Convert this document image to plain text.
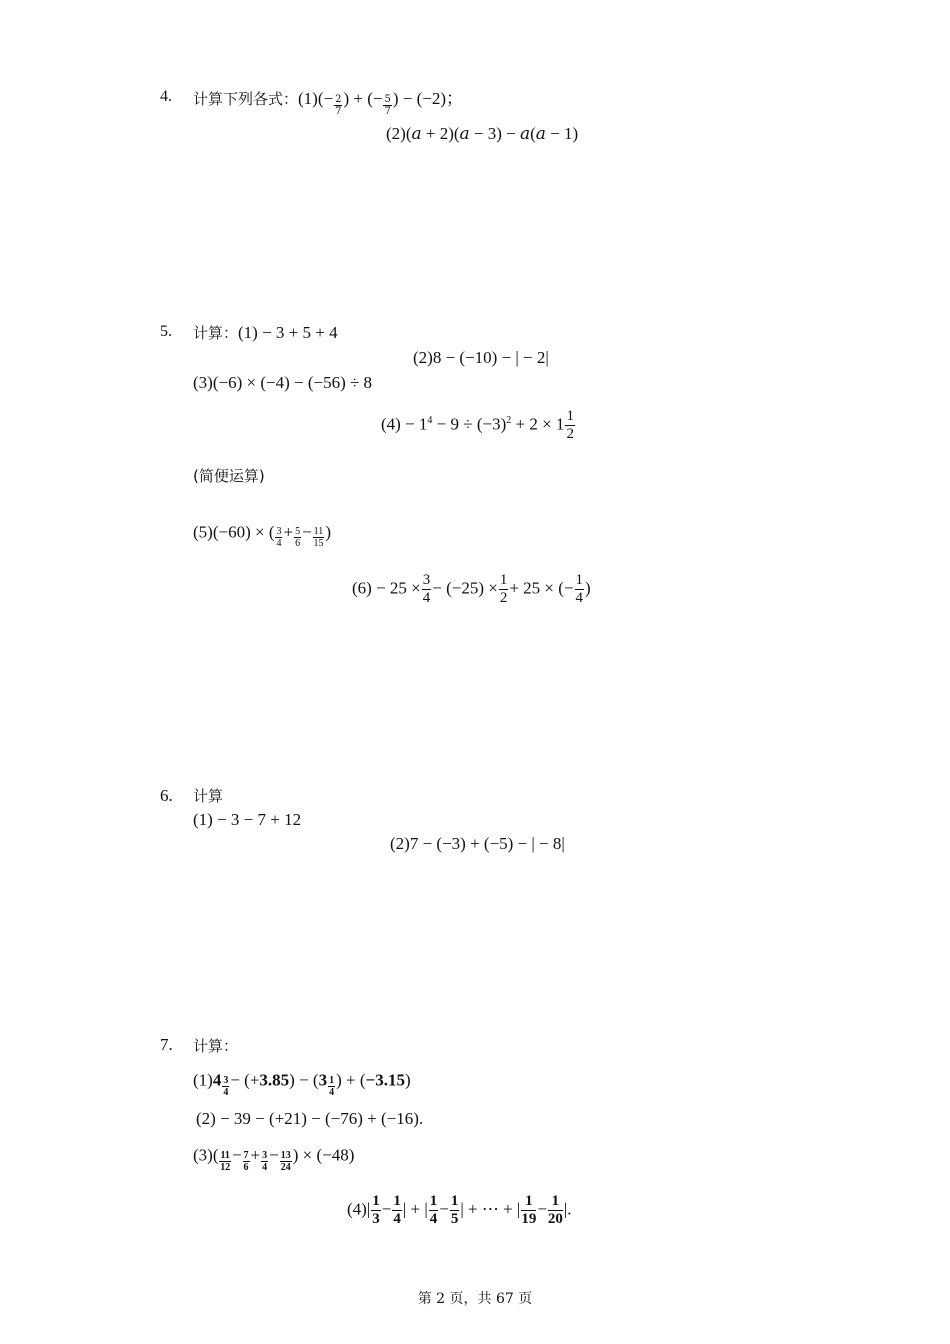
4. 计算下列各式：$(1)(- \frac{2}{7}$ ) + (− $\frac{5}{7}$ ) − (−2)；
(2)(𝑎 + 2)(𝑎 − 3) − 𝑎(𝑎 − 1)
5. 计算：(1) − 3 + 5 + 4
(2)8 − (−10) − | − 2|
(3)(−6) × (−4) − (−56) ÷ 8
$(4) - 1^4 - 9 \div (-3)^2 + 2 \times 1 \frac{1}{2}$
(简便运算)
(5)(−60) × ( $\frac{3}{4} + \frac{5}{6} - \frac{11}{15}$ )
$(6) - 25 \times \frac{3}{4} - (-25) \times \frac{1}{2} + 25$ × (− $\frac{1}{4}$ )
6. 计算
(1) − 3 − 7 + 12
(2)7 − (−3) + (−5) − | − 8|
7. 计算：
$(1)4 \frac{3}{4} - (+3.85) - (3 \frac{1}{4}$ ) + (−3.15)
(2) − 39 − (+21) − (−76) + (−16).
$(3)( \frac{11}{12} - \frac{7}{6} + \frac{3}{4} - \frac{13}{24}$ ) × (−48)
$(4)| \frac{1}{3} - \frac{1}{4}$ | + | $\frac{1}{4} - \frac{1}{5}$ | + ⋯ + | $\frac{1}{19} - \frac{1}{20}$ |.
第 2 页，共 67 页
